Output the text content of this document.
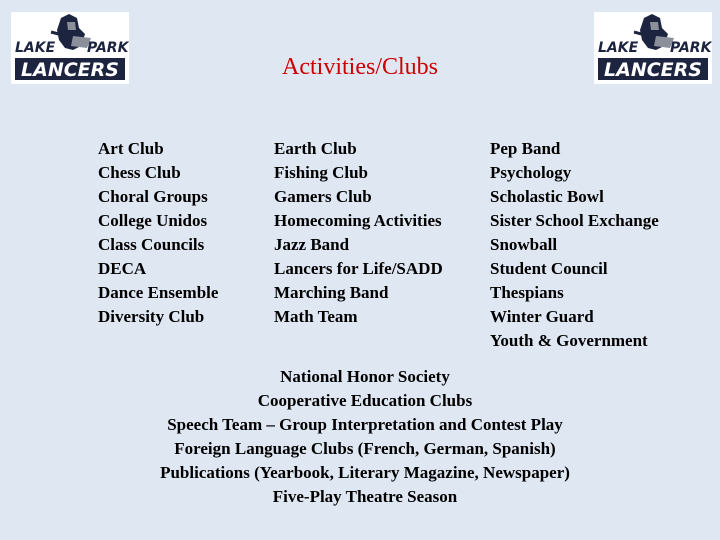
LAKE PARK
LANCERS
LAKE PARK
LANCERS
Activities/Clubs
Art Club
Chess Club
Choral Groups
College Unidos
Class Councils
DECA
Dance Ensemble
Diversity Club
Earth Club
Fishing Club
Gamers Club
Homecoming Activities
Jazz Band
Lancers for Life/SADD
Marching Band
Math Team
Pep Band
Psychology
Scholastic Bowl
Sister School Exchange
Snowball
Student Council
Thespians
Winter Guard
Youth & Government
National Honor Society
Cooperative Education Clubs
Speech Team – Group Interpretation and Contest Play
Foreign Language Clubs (French, German, Spanish)
Publications (Yearbook, Literary Magazine, Newspaper)
Five-Play Theatre Season
